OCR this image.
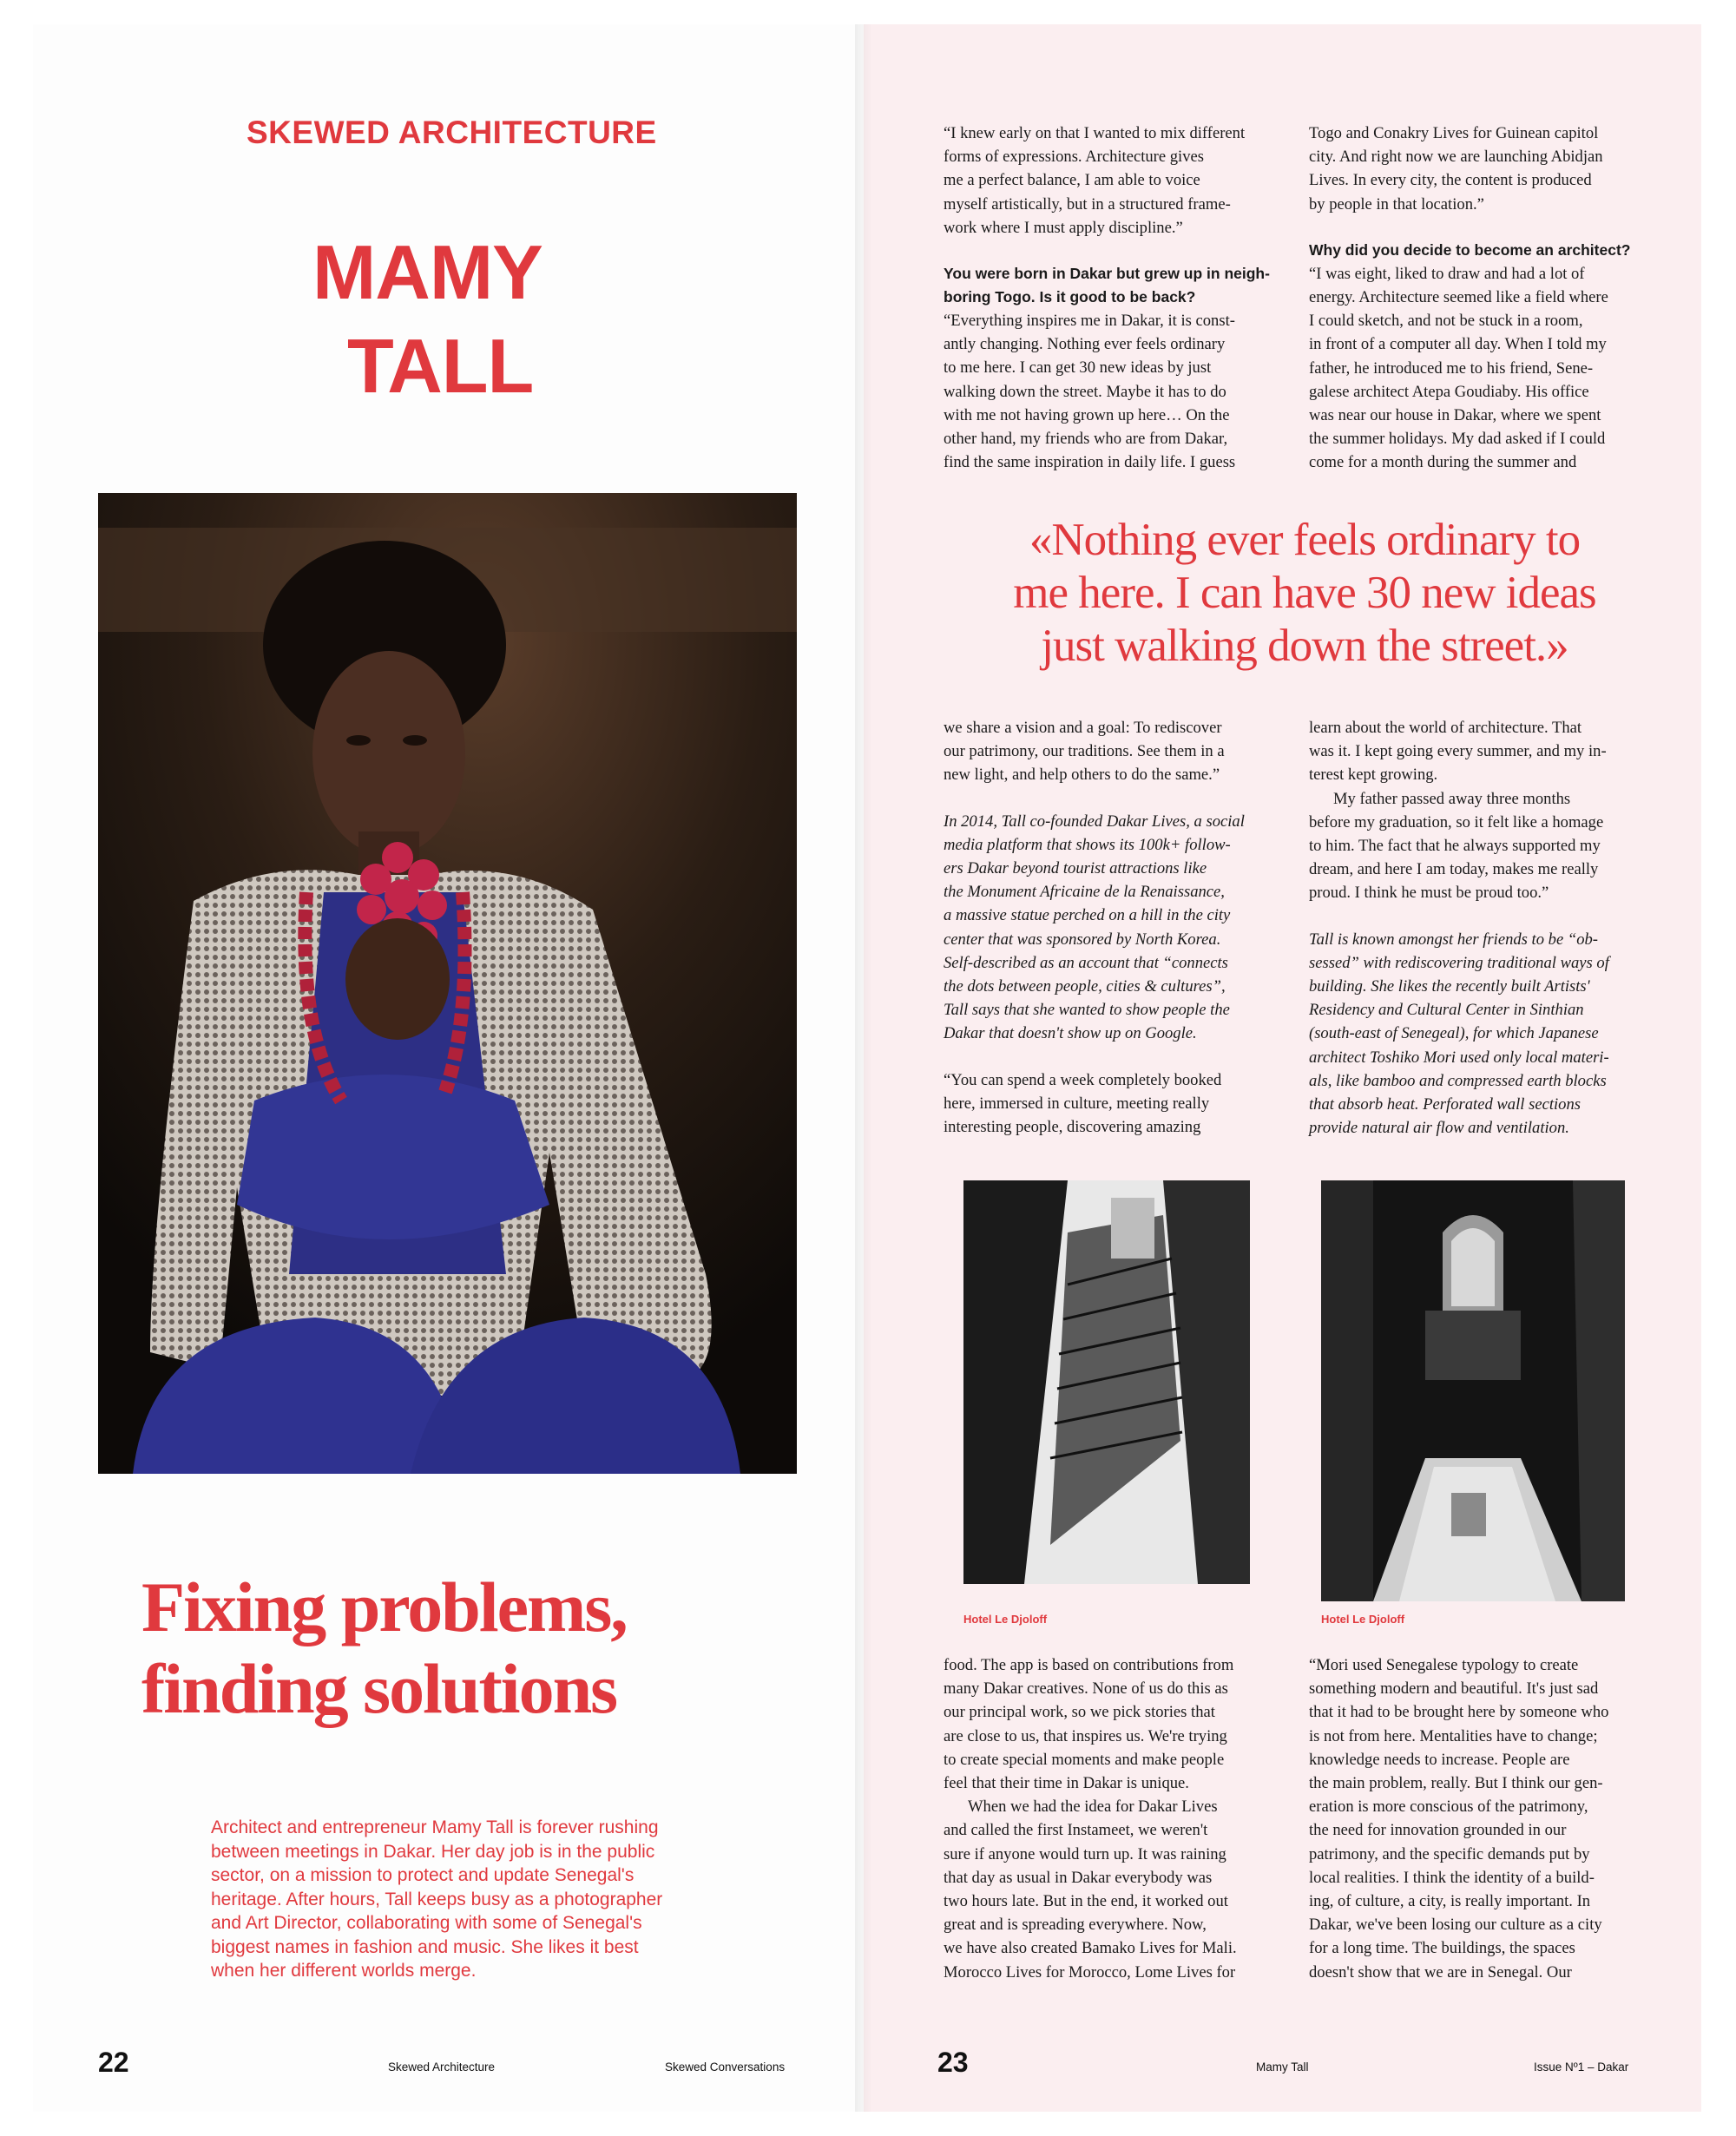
SKEWED ARCHITECTURE
MAMY
TALL
Fixing problems,
finding solutions
Architect and entrepreneur Mamy Tall is forever rushing
between meetings in Dakar. Her day job is in the public
sector, on a mission to protect and update Senegal's
heritage. After hours, Tall keeps busy as a photographer
and Art Director, collaborating with some of Senegal's
biggest names in fashion and music. She likes it best
when her different worlds merge.
22	Skewed Architecture	Skewed Conversations
“I knew early on that I wanted to mix different
forms of expressions. Architecture gives
me a perfect balance, I am able to voice
myself artistically, but in a structured frame-
work where I must apply discipline.”
You were born in Dakar but grew up in neigh-
boring Togo. Is it good to be back?
“Everything inspires me in Dakar, it is const-
antly changing. Nothing ever feels ordinary
to me here. I can get 30 new ideas by just
walking down the street. Maybe it has to do
with me not having grown up here… On the
other hand, my friends who are from Dakar,
find the same inspiration in daily life. I guess
Togo and Conakry Lives for Guinean capitol
city. And right now we are launching Abidjan
Lives. In every city, the content is produced
by people in that location.”
Why did you decide to become an architect?
“I was eight, liked to draw and had a lot of
energy. Architecture seemed like a field where
I could sketch, and not be stuck in a room,
in front of a computer all day. When I told my
father, he introduced me to his friend, Sene-
galese architect Atepa Goudiaby. His office
was near our house in Dakar, where we spent
the summer holidays. My dad asked if I could
come for a month during the summer and
«Nothing ever feels ordinary to
me here. I can have 30 new ideas
just walking down the street.»
we share a vision and a goal: To rediscover
our patrimony, our traditions. See them in a
new light, and help others to do the same.”
In 2014, Tall co-founded Dakar Lives, a social
media platform that shows its 100k+ follow-
ers Dakar beyond tourist attractions like
the Monument Africaine de la Renaissance,
a massive statue perched on a hill in the city
center that was sponsored by North Korea.
Self-described as an account that “connects
the dots between people, cities & cultures”,
Tall says that she wanted to show people the
Dakar that doesn't show up on Google.
“You can spend a week completely booked
here, immersed in culture, meeting really
interesting people, discovering amazing
learn about the world of architecture. That
was it. I kept going every summer, and my in-
terest kept growing.
My father passed away three months
before my graduation, so it felt like a homage
to him. The fact that he always supported my
dream, and here I am today, makes me really
proud. I think he must be proud too.”
Tall is known amongst her friends to be “ob-
sessed” with rediscovering traditional ways of
building. She likes the recently built Artists'
Residency and Cultural Center in Sinthian
(south-east of Senegeal), for which Japanese
architect Toshiko Mori used only local materi-
als, like bamboo and compressed earth blocks
that absorb heat. Perforated wall sections
provide natural air flow and ventilation.
Hotel Le Djoloff	Hotel Le Djoloff
food. The app is based on contributions from
many Dakar creatives. None of us do this as
our principal work, so we pick stories that
are close to us, that inspires us. We're trying
to create special moments and make people
feel that their time in Dakar is unique.
When we had the idea for Dakar Lives
and called the first Instameet, we weren't
sure if anyone would turn up. It was raining
that day as usual in Dakar everybody was
two hours late. But in the end, it worked out
great and is spreading everywhere. Now,
we have also created Bamako Lives for Mali.
Morocco Lives for Morocco, Lome Lives for
“Mori used Senegalese typology to create
something modern and beautiful. It's just sad
that it had to be brought here by someone who
is not from here. Mentalities have to change;
knowledge needs to increase. People are
the main problem, really. But I think our gen-
eration is more conscious of the patrimony,
the need for innovation grounded in our
patrimony, and the specific demands put by
local realities. I think the identity of a build-
ing, of culture, a city, is really important. In
Dakar, we've been losing our culture as a city
for a long time. The buildings, the spaces
doesn't show that we are in Senegal. Our
23	Mamy Tall	Issue Nº1 – Dakar
